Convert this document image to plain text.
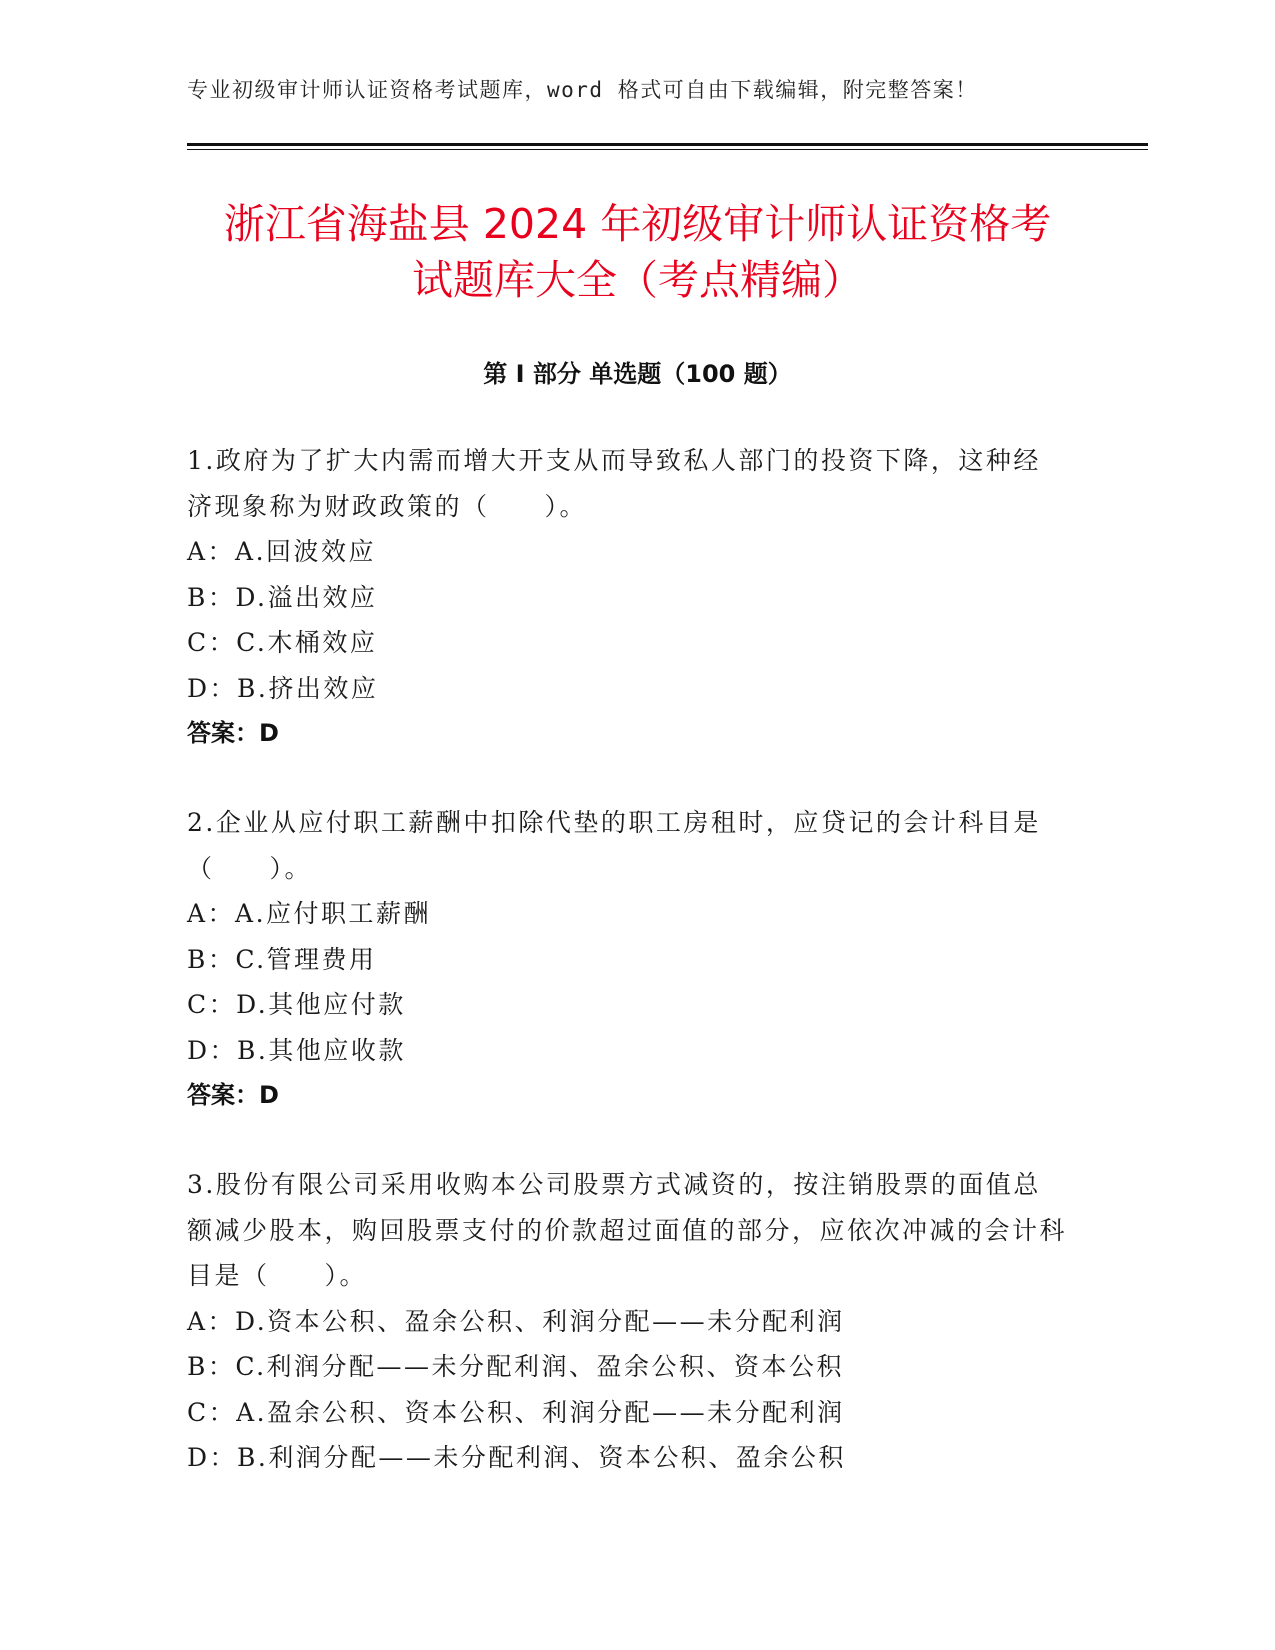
专业初级审计师认证资格考试题库，word 格式可自由下载编辑，附完整答案！
浙江省海盐县 2024 年初级审计师认证资格考
试题库大全（考点精编）
第 I 部分 单选题（100 题）
1.政府为了扩大内需而增大开支从而导致私人部门的投资下降，这种经济现象称为财政政策的（　　）。
A：A.回波效应
B：D.溢出效应
C：C.木桶效应
D：B.挤出效应
答案：D
2.企业从应付职工薪酬中扣除代垫的职工房租时，应贷记的会计科目是（　　）。
A：A.应付职工薪酬
B：C.管理费用
C：D.其他应付款
D：B.其他应收款
答案：D
3.股份有限公司采用收购本公司股票方式减资的，按注销股票的面值总额减少股本，购回股票支付的价款超过面值的部分，应依次冲减的会计科目是（　　）。
A：D.资本公积、盈余公积、利润分配——未分配利润
B：C.利润分配——未分配利润、盈余公积、资本公积
C：A.盈余公积、资本公积、利润分配——未分配利润
D：B.利润分配——未分配利润、资本公积、盈余公积
